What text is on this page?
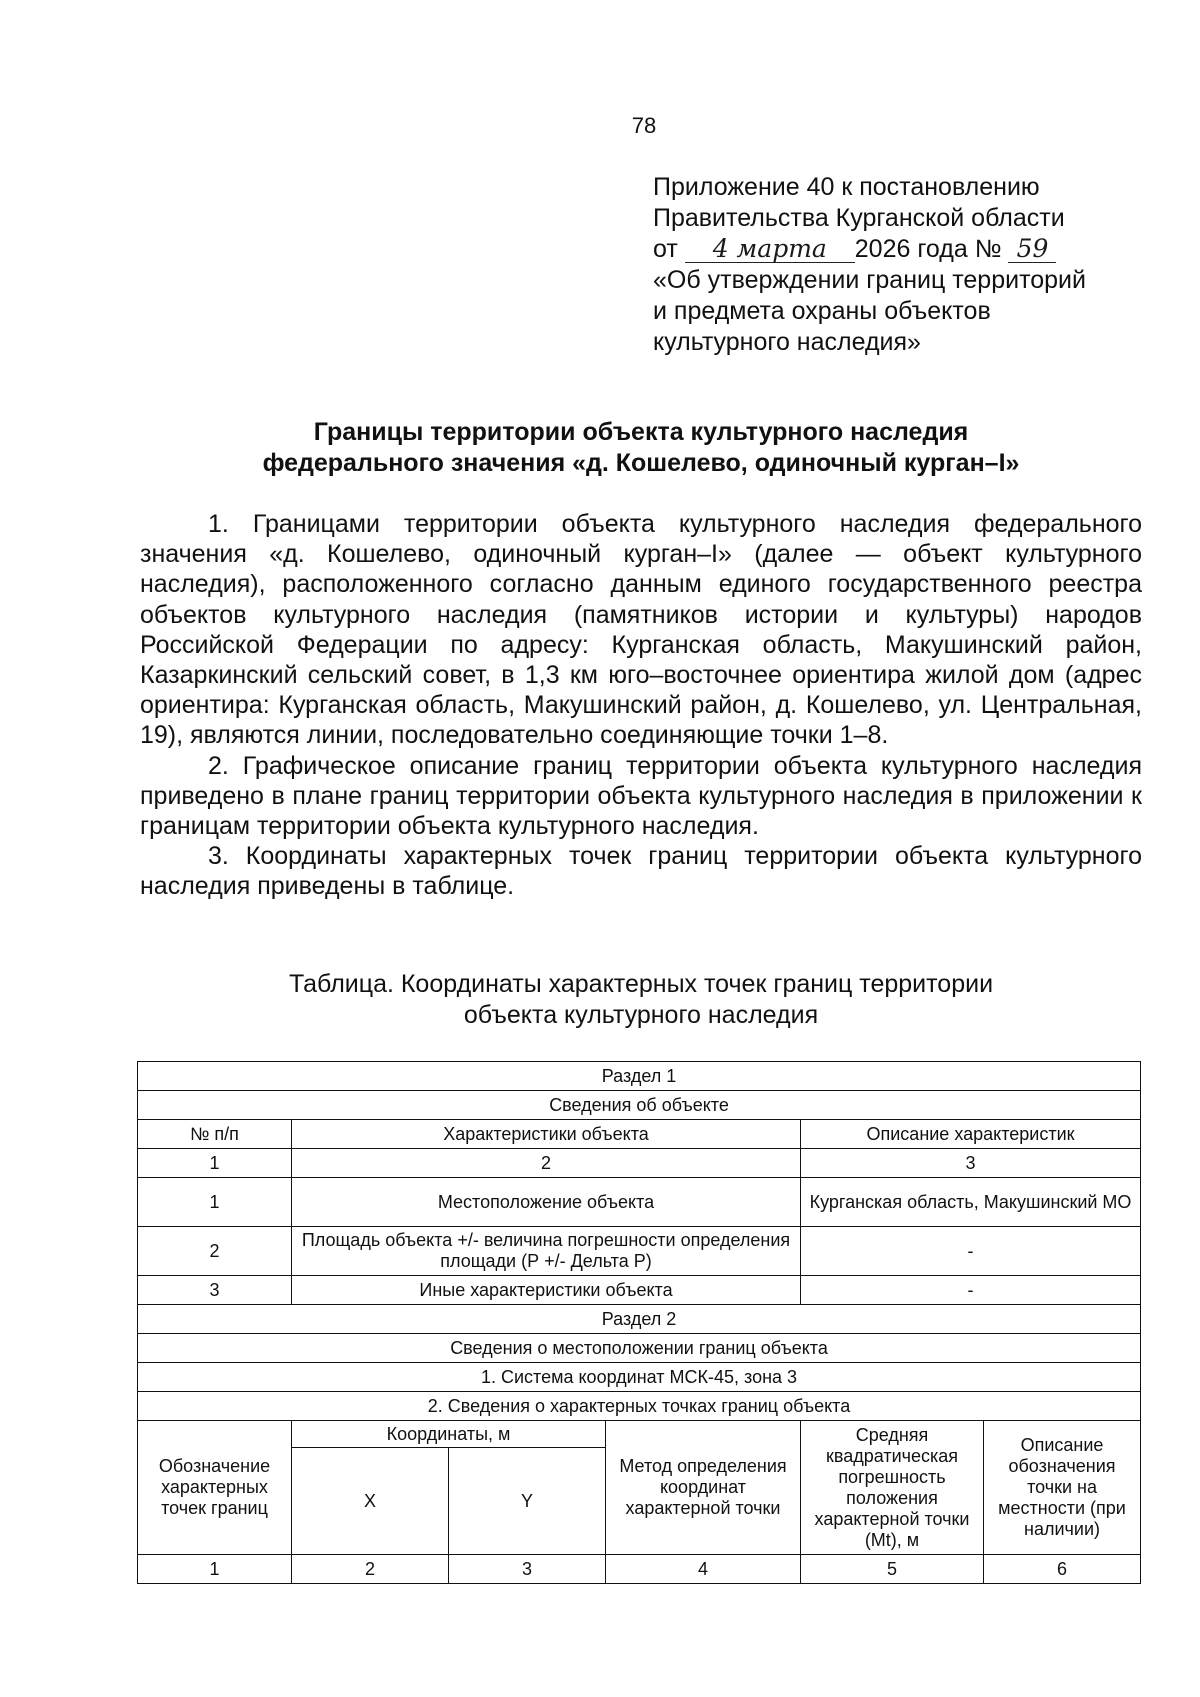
78
Приложение 40 к постановлению
Правительства Курганской области
от 4 марта 2026 года № 59
«Об утверждении границ территорий
и предмета охраны объектов
культурного наследия»
Границы территории объекта культурного наследия
федерального значения «д. Кошелево, одиночный курган–I»

1. Границами территории объекта культурного наследия федерального значения «д. Кошелево, одиночный курган–I» (далее — объект культурного наследия), расположенного согласно данным единого государственного реестра объектов культурного наследия (памятников истории и культуры) народов Российской Федерации по адресу: Курганская область, Макушинский район, Казаркинский сельский совет, в 1,3 км юго–восточнее ориентира жилой дом (адрес ориентира: Курганская область, Макушинский район, д. Кошелево, ул. Центральная, 19), являются линии, последовательно соединяющие точки 1–8.

2. Графическое описание границ территории объекта культурного наследия приведено в плане границ территории объекта культурного наследия в приложении к границам территории объекта культурного наследия.

3. Координаты характерных точек границ территории объекта культурного наследия приведены в таблице.

Таблица. Координаты характерных точек границ территории
объекта культурного наследия
Раздел 1					
Сведения об объекте					
№ п/п	Характеристики объекта			Описание характеристик	
1	2			3	
1	Местоположение объекта			Курганская область, Макушинский МО	
2	Площадь объекта +/- величина погрешности определения площади (Р +/- Дельта Р)			-	
3	Иные характеристики объекта			-	
Раздел 2					
Сведения о местоположении границ объекта					
1. Система координат МСК-45, зона 3					
2. Сведения о характерных точках границ объекта					
Обозначение характерных точек границ	Координаты, м		Метод определения координат характерной точки	Средняя квадратическая погрешность положения характерной точки (Mt), м	Описание обозначения точки на местности (при наличии)
	X	Y			
1	2	3	4	5	6
